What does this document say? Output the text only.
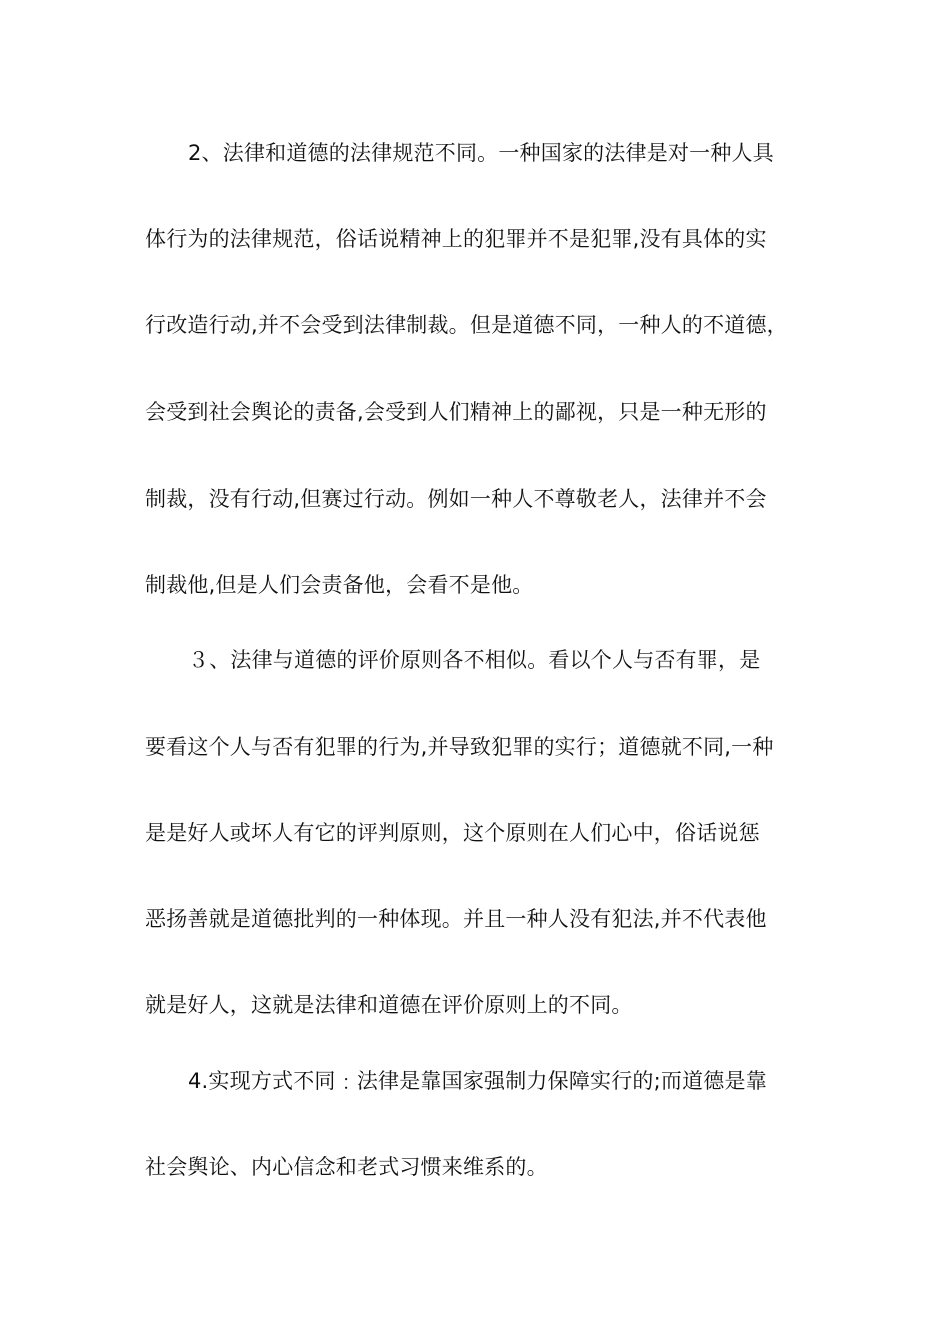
2、法律和道德的法律规范不同。一种国家的法律是对一种人具
体行为的法律规范，俗话说精神上的犯罪并不是犯罪,没有具体的实
行改造行动,并不会受到法律制裁。但是道德不同，一种人的不道德，
会受到社会舆论的责备,会受到人们精神上的鄙视，只是一种无形的
制裁，没有行动,但赛过行动。例如一种人不尊敬老人，法律并不会
制裁他,但是人们会责备他，会看不是他。
３、法律与道德的评价原则各不相似。看以个人与否有罪，是
要看这个人与否有犯罪的行为,并导致犯罪的实行；道德就不同,一种
是是好人或坏人有它的评判原则，这个原则在人们心中，俗话说惩
恶扬善就是道德批判的一种体现。并且一种人没有犯法,并不代表他
就是好人，这就是法律和道德在评价原则上的不同。
4.实现方式不同﹕法律是靠国家强制力保障实行的;而道德是靠
社会舆论、内心信念和老式习惯来维系的。
